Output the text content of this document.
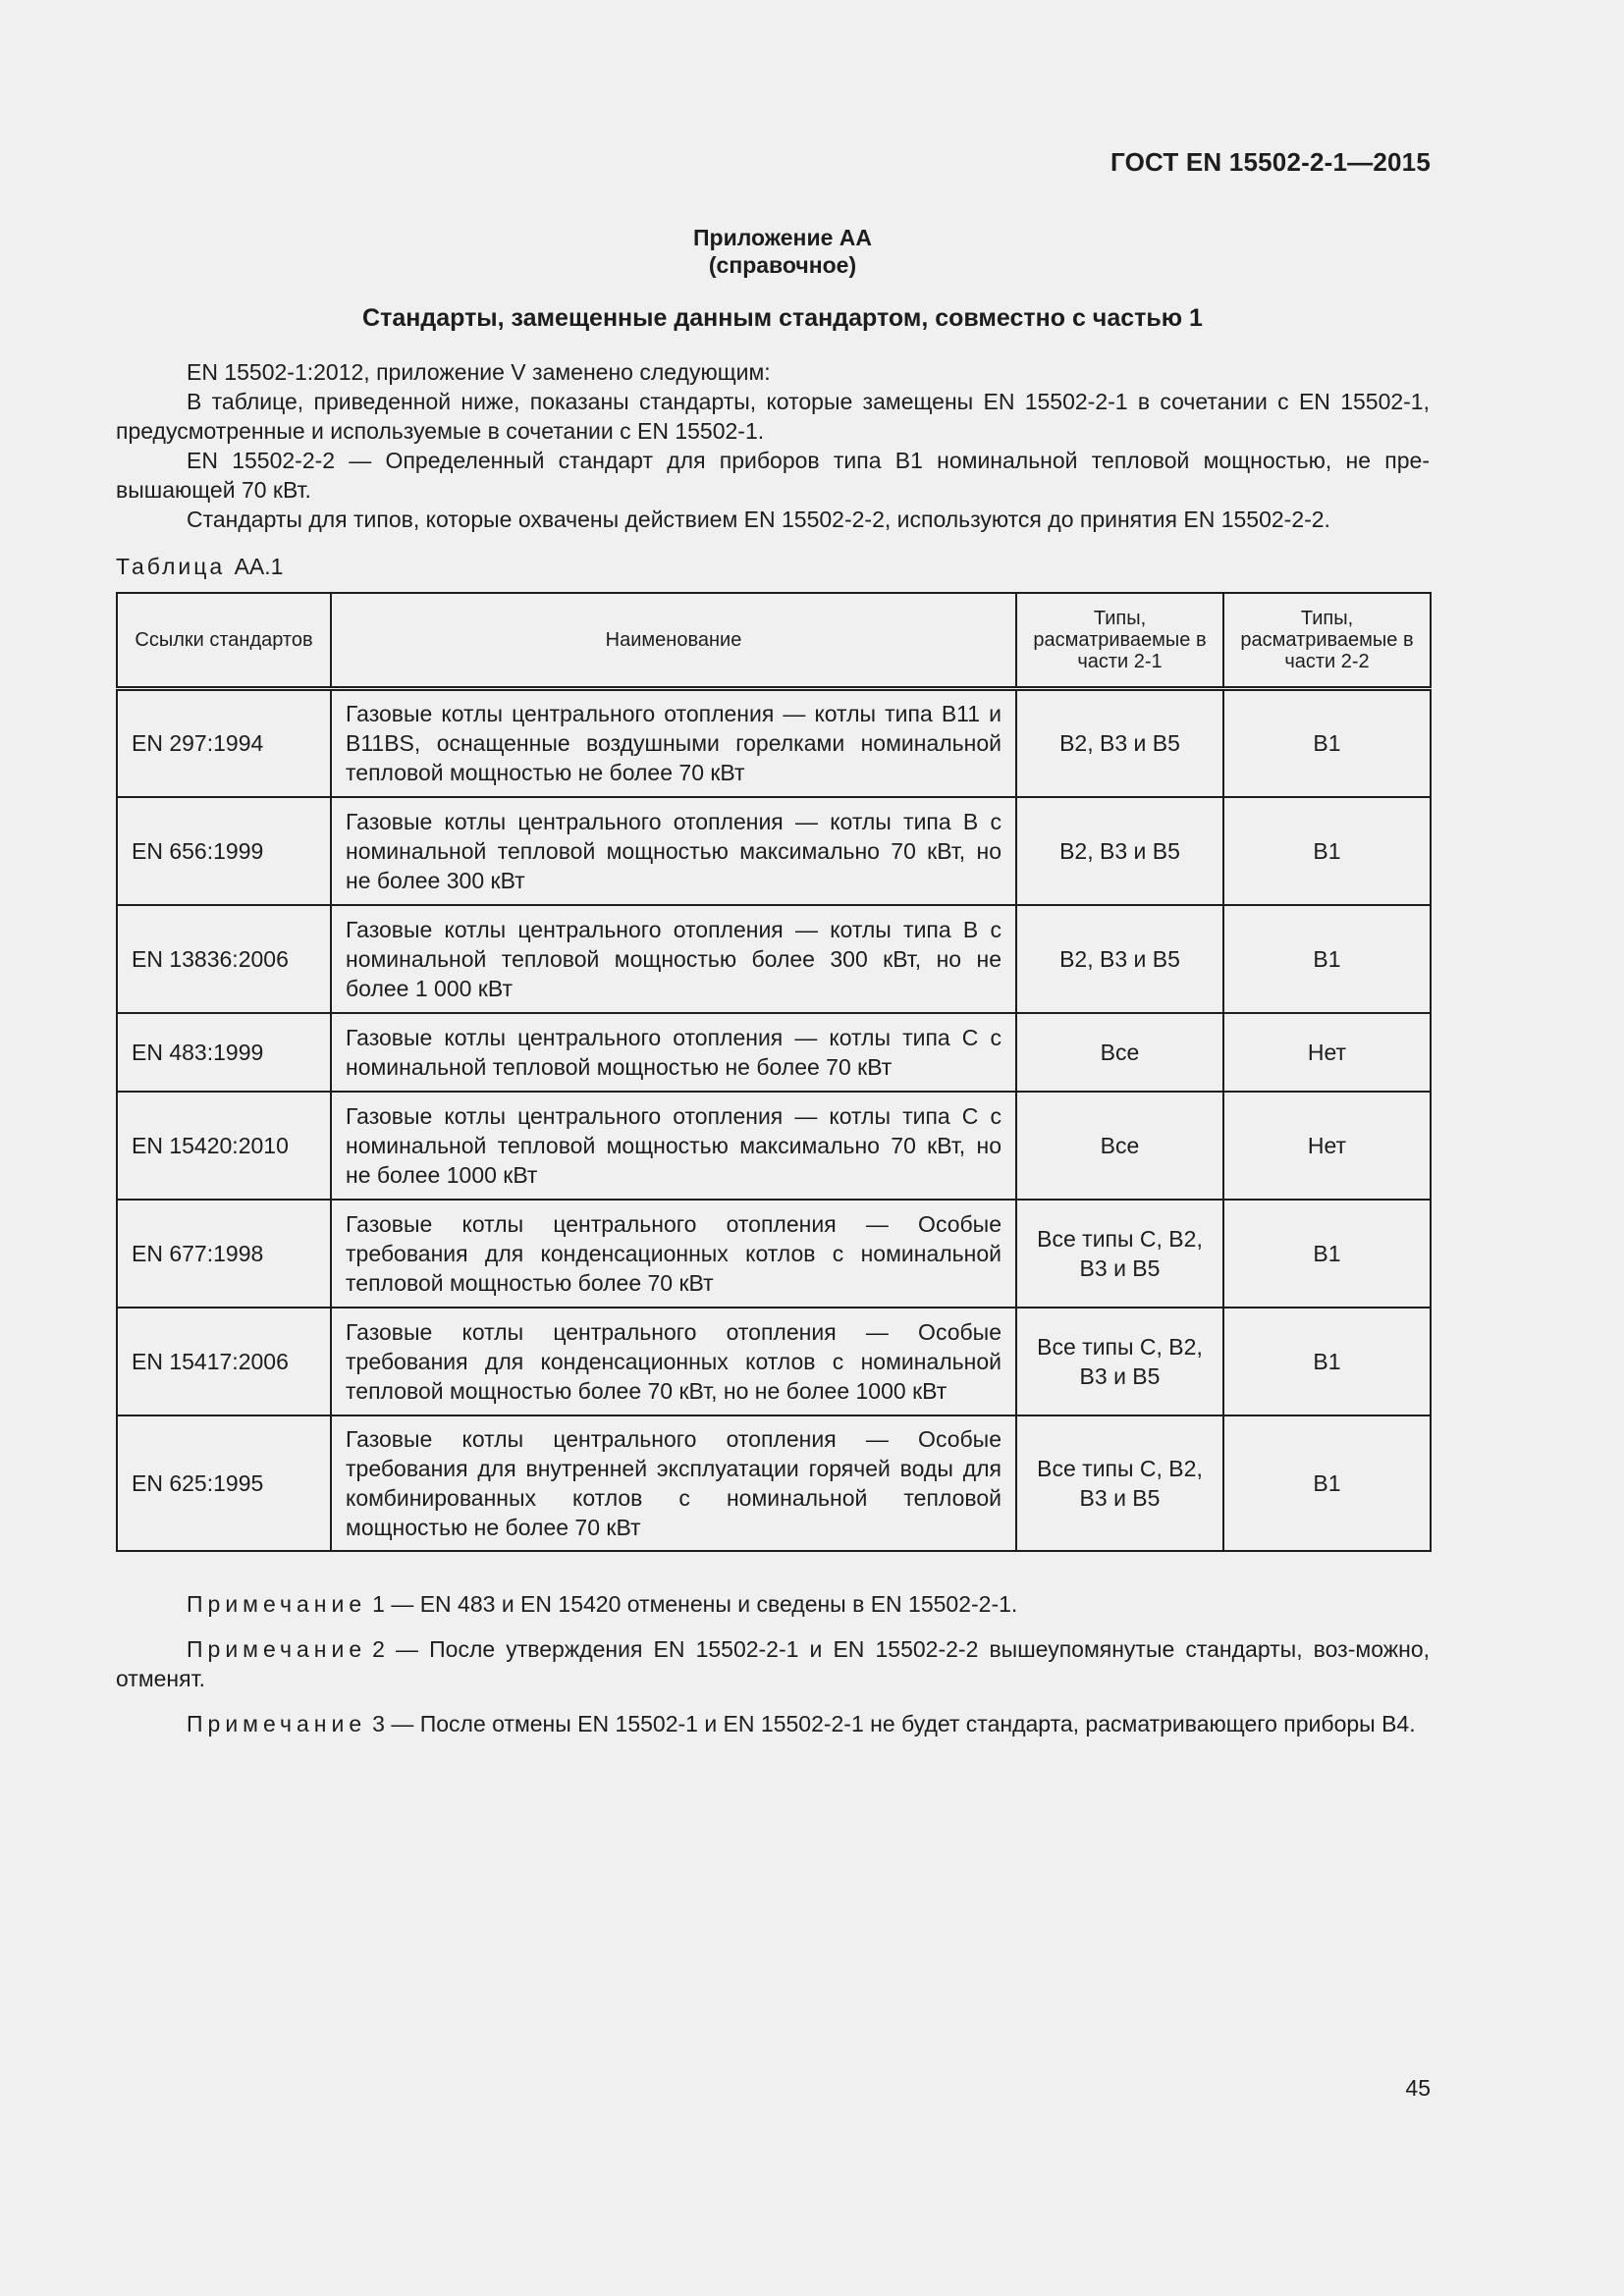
ГОСТ EN 15502-2-1—2015
Приложение АА
(справочное)
Стандарты, замещенные данным стандартом, совместно с частью 1

EN 15502-1:2012, приложение V заменено следующим:

В таблице, приведенной ниже, показаны стандарты, которые замещены EN 15502-2-1 в сочетании с EN 15502-1, предусмотренные и используемые в сочетании с EN 15502-1.

EN 15502-2-2 — Определенный стандарт для приборов типа B1 номинальной тепловой мощностью, не пре-вышающей 70 кВт.

Стандарты для типов, которые охвачены действием EN 15502-2-2, используются до принятия EN 15502-2-2.

Таблица АА.1
Ссылки стандартов	Наименование	Типы, расматриваемые в части 2-1	Типы, расматриваемые в части 2-2
EN 297:1994	Газовые котлы центрального отопления — котлы типа B11 и B11BS, оснащенные воздушными горелками номинальной тепловой мощностью не более 70 кВт	B2, B3 и B5	B1
EN 656:1999	Газовые котлы центрального отопления — котлы типа B с номинальной тепловой мощностью максимально 70 кВт, но не более 300 кВт	B2, B3 и B5	B1
EN 13836:2006	Газовые котлы центрального отопления — котлы типа B с номинальной тепловой мощностью более 300 кВт, но не более 1 000 кВт	B2, B3 и B5	B1
EN 483:1999	Газовые котлы центрального отопления — котлы типа C с номинальной тепловой мощностью не более 70 кВт	Все	Нет
EN 15420:2010	Газовые котлы центрального отопления — котлы типа C с номинальной тепловой мощностью максимально 70 кВт, но не более 1000 кВт	Все	Нет
EN 677:1998	Газовые котлы центрального отопления — Особые требования для конденсационных котлов с номинальной тепловой мощностью более 70 кВт	Все типы C, B2, B3 и B5	B1
EN 15417:2006	Газовые котлы центрального отопления — Особые требования для конденсационных котлов с номинальной тепловой мощностью более 70 кВт, но не более 1000 кВт	Все типы C, B2, B3 и B5	B1
EN 625:1995	Газовые котлы центрального отопления — Особые требования для внутренней эксплуатации горячей воды для комбинированных котлов с номинальной тепловой мощностью не более 70 кВт	Все типы C, B2, B3 и B5	B1

Примечание 1 — EN 483 и EN 15420 отменены и сведены в EN 15502-2-1.

Примечание 2 — После утверждения EN 15502-2-1 и EN 15502-2-2 вышеупомянутые стандарты, воз-можно, отменят.

Примечание 3 — После отмены EN 15502-1 и EN 15502-2-1 не будет стандарта, расматривающего приборы B4.

45
